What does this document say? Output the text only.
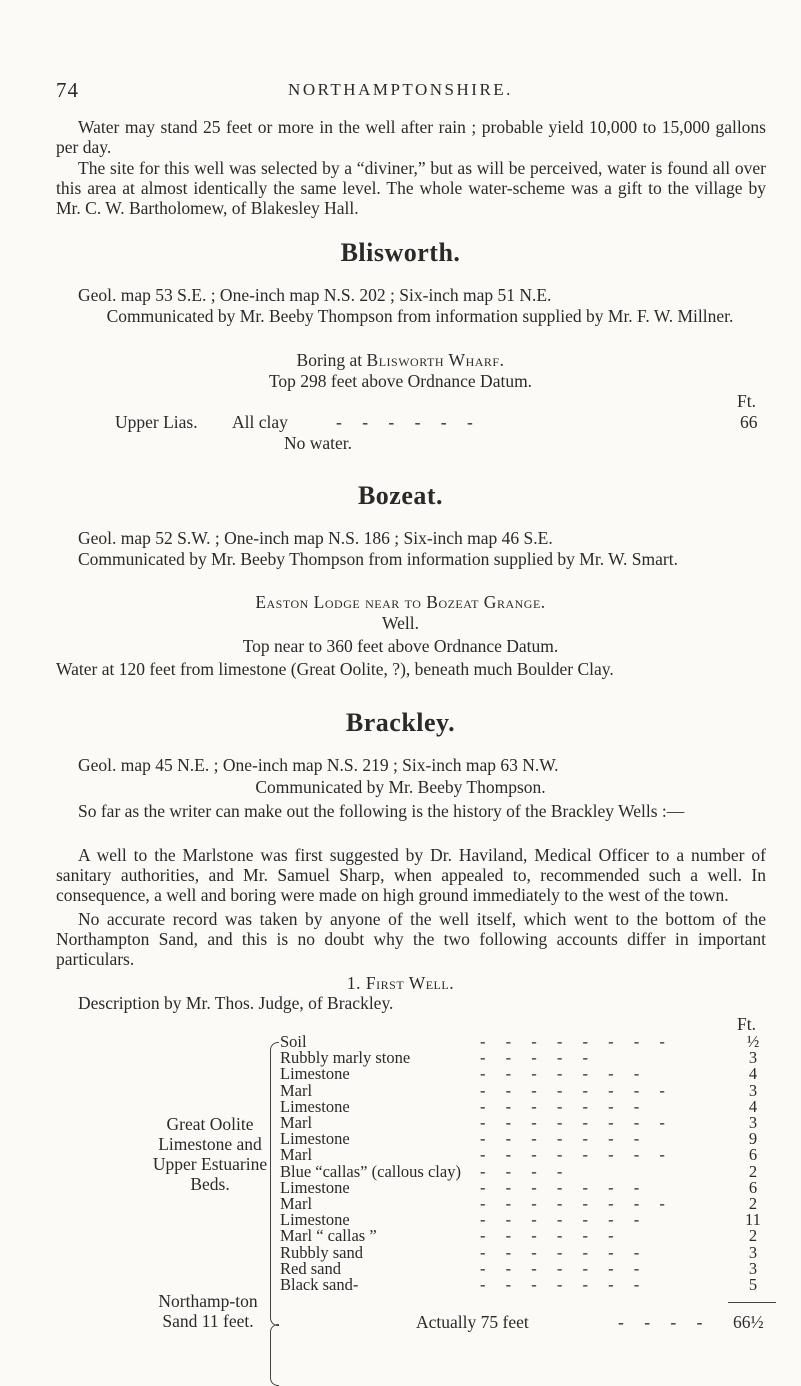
74	NORTHAMPTONSHIRE.
Water may stand 25 feet or more in the well after rain ; probable yield 10,000 to 15,000 gallons per day.
The site for this well was selected by a “diviner,” but as will be perceived, water is found all over this area at almost identically the same level. The whole water-scheme was a gift to the village by Mr. C. W. Bartholomew, of Blakesley Hall.
Blisworth.
Geol. map 53 S.E. ; One-inch map N.S. 202 ; Six-inch map 51 N.E.
Communicated by Mr. Beeby Thompson from information supplied by Mr. F. W. Millner.
Boring at Blisworth Wharf.
Top 298 feet above Ordnance Datum.
Ft.
Upper Lias. All clay	- - - - - -	66
No water.
Bozeat.
Geol. map 52 S.W. ; One-inch map N.S. 186 ; Six-inch map 46 S.E.
Communicated by Mr. Beeby Thompson from information supplied by Mr. W. Smart.
Easton Lodge near to Bozeat Grange.
Well.
Top near to 360 feet above Ordnance Datum.
Water at 120 feet from limestone (Great Oolite, ?), beneath much Boulder Clay.
Brackley.
Geol. map 45 N.E. ; One-inch map N.S. 219 ; Six-inch map 63 N.W.
Communicated by Mr. Beeby Thompson.
So far as the writer can make out the following is the history of the Brackley Wells :—
A well to the Marlstone was first suggested by Dr. Haviland, Medical Officer to a number of sanitary authorities, and Mr. Samuel Sharp, when appealed to, recommended such a well. In consequence, a well and boring were made on high ground immediately to the west of the town.
No accurate record was taken by anyone of the well itself, which went to the bottom of the Northampton Sand, and this is no doubt why the two following accounts differ in important particulars.
1. First Well.
Description by Mr. Thos. Judge, of Brackley.
Ft.
Great Oolite Limestone and Upper Estuarine Beds.
Northamp-ton Sand 11 feet.
Soil	- - - - - - - -	½
Rubbly marly stone	- - - - -	3
Limestone	- - - - - - -	4
Marl	- - - - - - - -	3
Limestone	- - - - - - -	4
Marl	- - - - - - - -	3
Limestone	- - - - - - -	9
Marl	- - - - - - - -	6
Blue “callas” (callous clay) - - - -	2
Limestone	- - - - - - -	6
Marl	- - - - - - - -	2
Limestone	- - - - - - -	11
Marl “ callas ”	- - - - - -	2
Rubbly sand	- - - - - - -	3
Red sand	- - - - - - -	3
Black sand-	- - - - - - -	5
Actually 75 feet	- - - - 66½
